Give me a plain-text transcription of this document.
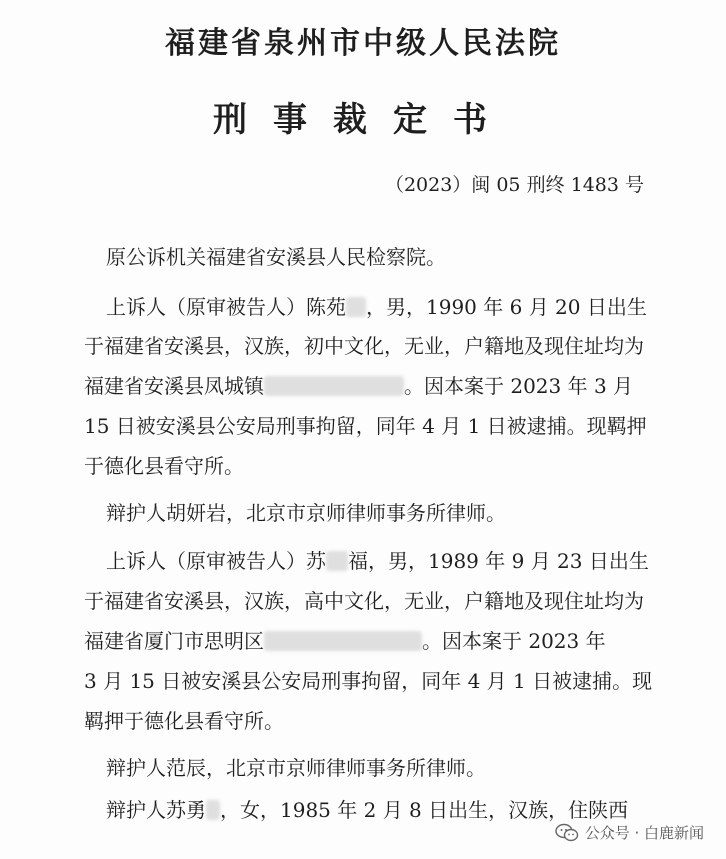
福建省泉州市中级人民法院
刑事裁定书
（2023）闽 05 刑终 1483 号
原公诉机关福建省安溪县人民检察院。
上诉人（原审被告人）陈苑 ，男，1990 年 6 月 20 日出生
于福建省安溪县，汉族，初中文化，无业，户籍地及现住址均为
福建省安溪县凤城镇	。因本案于 2023 年 3 月
15 日被安溪县公安局刑事拘留，同年 4 月 1 日被逮捕。现羁押
于德化县看守所。
辩护人胡妍岩，北京市京师律师事务所律师。
上诉人（原审被告人）苏 福，男，1989 年 9 月 23 日出生
于福建省安溪县，汉族，高中文化，无业，户籍地及现住址均为
福建省厦门市思明区	。因本案于 2023 年
3 月 15 日被安溪县公安局刑事拘留，同年 4 月 1 日被逮捕。现
羁押于德化县看守所。
辩护人范辰，北京市京师律师事务所律师。
辩护人苏勇 ，女，1985 年 2 月 8 日出生，汉族，住陕西
公众号 · 白鹿新闻
